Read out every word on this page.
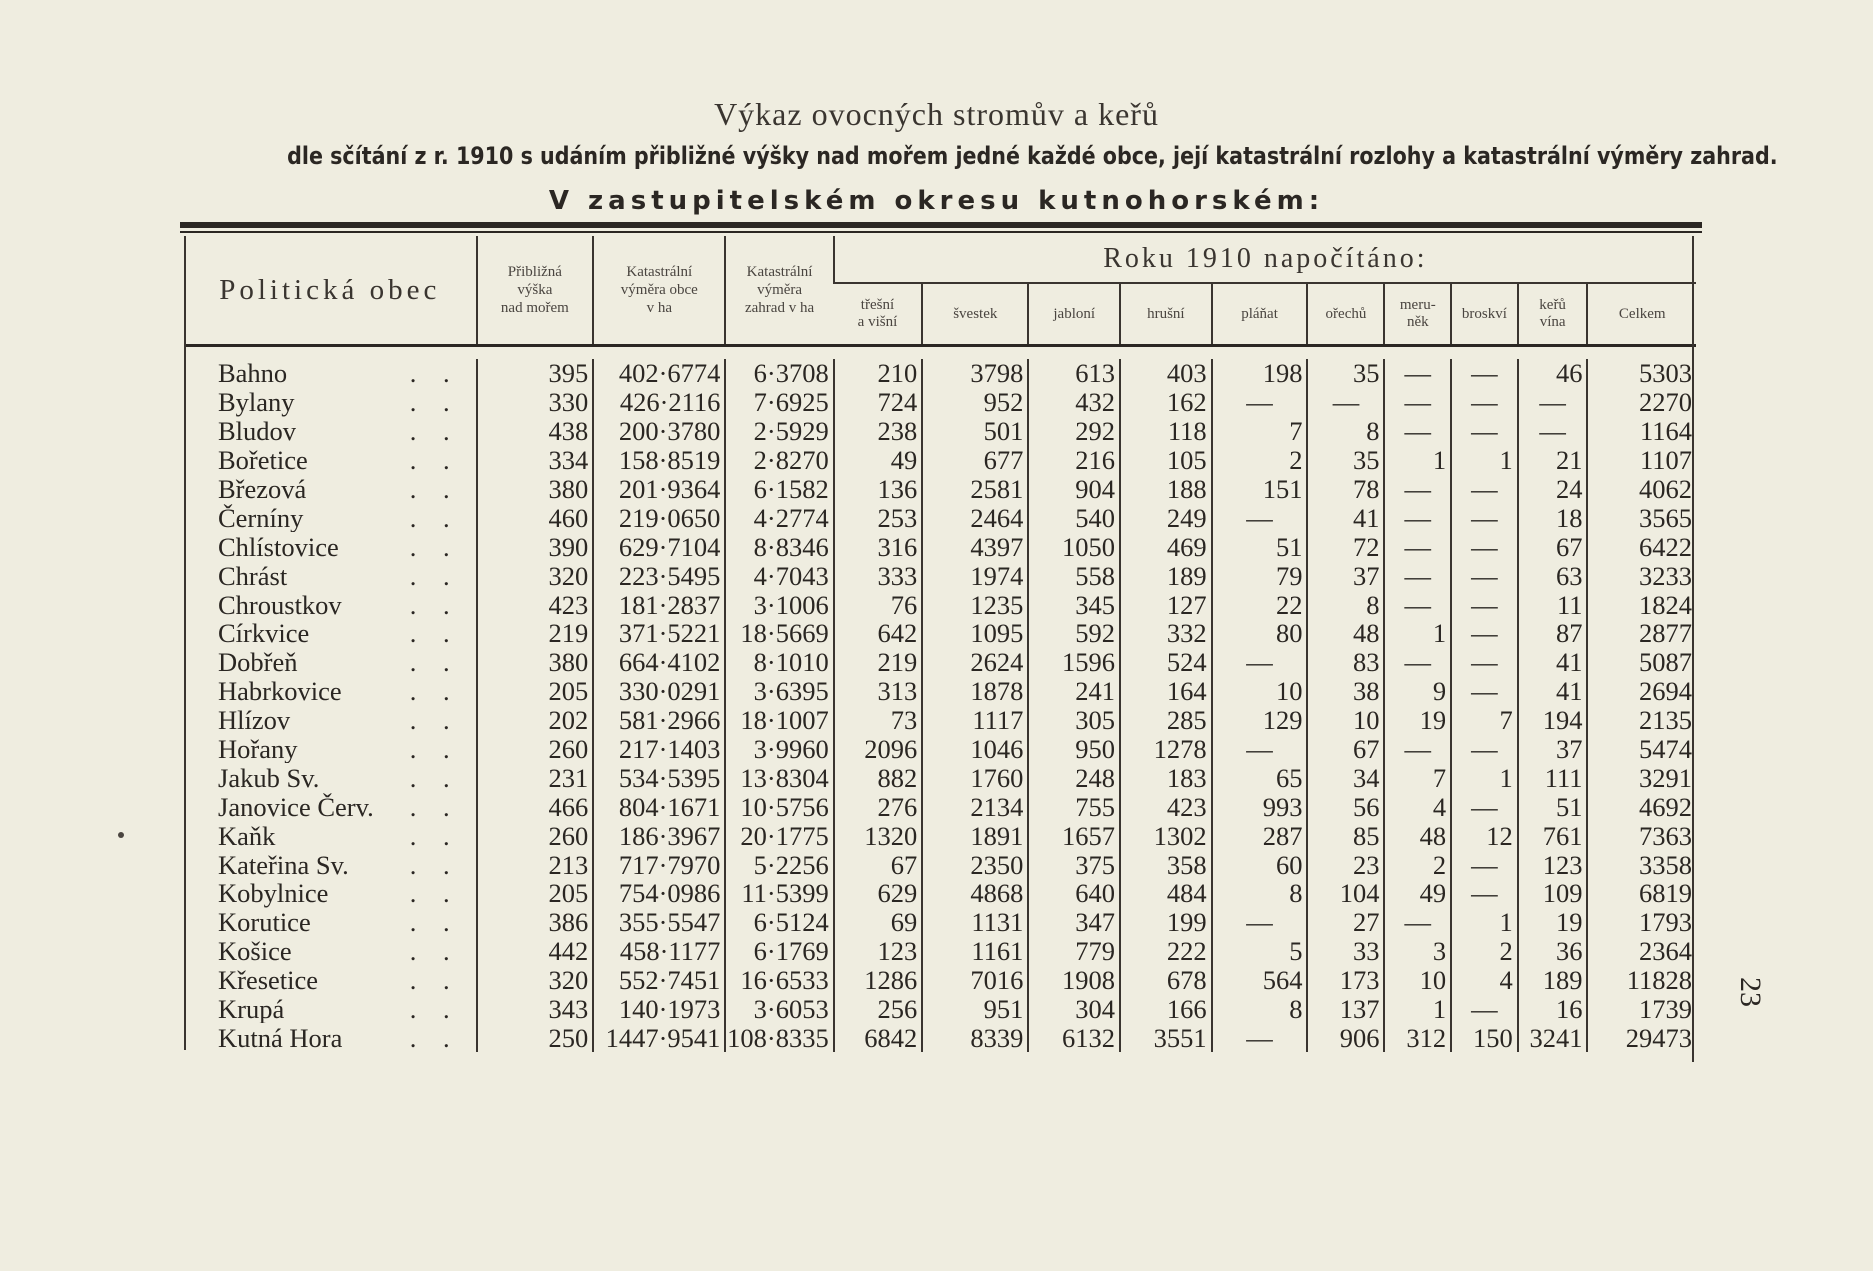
Výkaz ovocných stromův a keřů
dle sčítání z r. 1910 s udáním přibližné výšky nad mořem jedné každé obce, její katastrální rozlohy a katastrální výměry zahrad.
V zastupitelském okresu kutnohorském:
Politická obec	Přibližná
výška
nad mořem	Katastrální
výměra obce
v ha	Katastrální
výměra
zahrad v ha	Roku 1910 napočítáno:									
				třešní
a višní	švestek	jabloní	hrušní	pláňat	ořechů	meru-
něk	broskví	keřů
vína	Celkem

Bahno . .	395	402·6774	6·3708	210	3798	613	403	198	35	—	—	46	5303
Bylany . .	330	426·2116	7·6925	724	952	432	162	—	—	—	—	—	2270
Bludov . .	438	200·3780	2·5929	238	501	292	118	7	8	—	—	—	1164
Bořetice . .	334	158·8519	2·8270	49	677	216	105	2	35	1	1	21	1107
Březová . .	380	201·9364	6·1582	136	2581	904	188	151	78	—	—	24	4062
Černíny . .	460	219·0650	4·2774	253	2464	540	249	—	41	—	—	18	3565
Chlístovice . .	390	629·7104	8·8346	316	4397	1050	469	51	72	—	—	67	6422
Chrást . .	320	223·5495	4·7043	333	1974	558	189	79	37	—	—	63	3233
Chroustkov . .	423	181·2837	3·1006	76	1235	345	127	22	8	—	—	11	1824
Církvice . .	219	371·5221	18·5669	642	1095	592	332	80	48	1	—	87	2877
Dobřeň . .	380	664·4102	8·1010	219	2624	1596	524	—	83	—	—	41	5087
Habrkovice . .	205	330·0291	3·6395	313	1878	241	164	10	38	9	—	41	2694
Hlízov . .	202	581·2966	18·1007	73	1117	305	285	129	10	19	7	194	2135
Hořany . .	260	217·1403	3·9960	2096	1046	950	1278	—	67	—	—	37	5474
Jakub Sv. . .	231	534·5395	13·8304	882	1760	248	183	65	34	7	1	111	3291
Janovice Červ. . .	466	804·1671	10·5756	276	2134	755	423	993	56	4	—	51	4692
Kaňk . .	260	186·3967	20·1775	1320	1891	1657	1302	287	85	48	12	761	7363
Kateřina Sv. . .	213	717·7970	5·2256	67	2350	375	358	60	23	2	—	123	3358
Kobylnice . .	205	754·0986	11·5399	629	4868	640	484	8	104	49	—	109	6819
Korutice . .	386	355·5547	6·5124	69	1131	347	199	—	27	—	1	19	1793
Košice . .	442	458·1177	6·1769	123	1161	779	222	5	33	3	2	36	2364
Křesetice . .	320	552·7451	16·6533	1286	7016	1908	678	564	173	10	4	189	11828
Krupá . .	343	140·1973	3·6053	256	951	304	166	8	137	1	—	16	1739
Kutná Hora . .	250	1447·9541	108·8335	6842	8339	6132	3551	—	906	312	150	3241	29473
23
